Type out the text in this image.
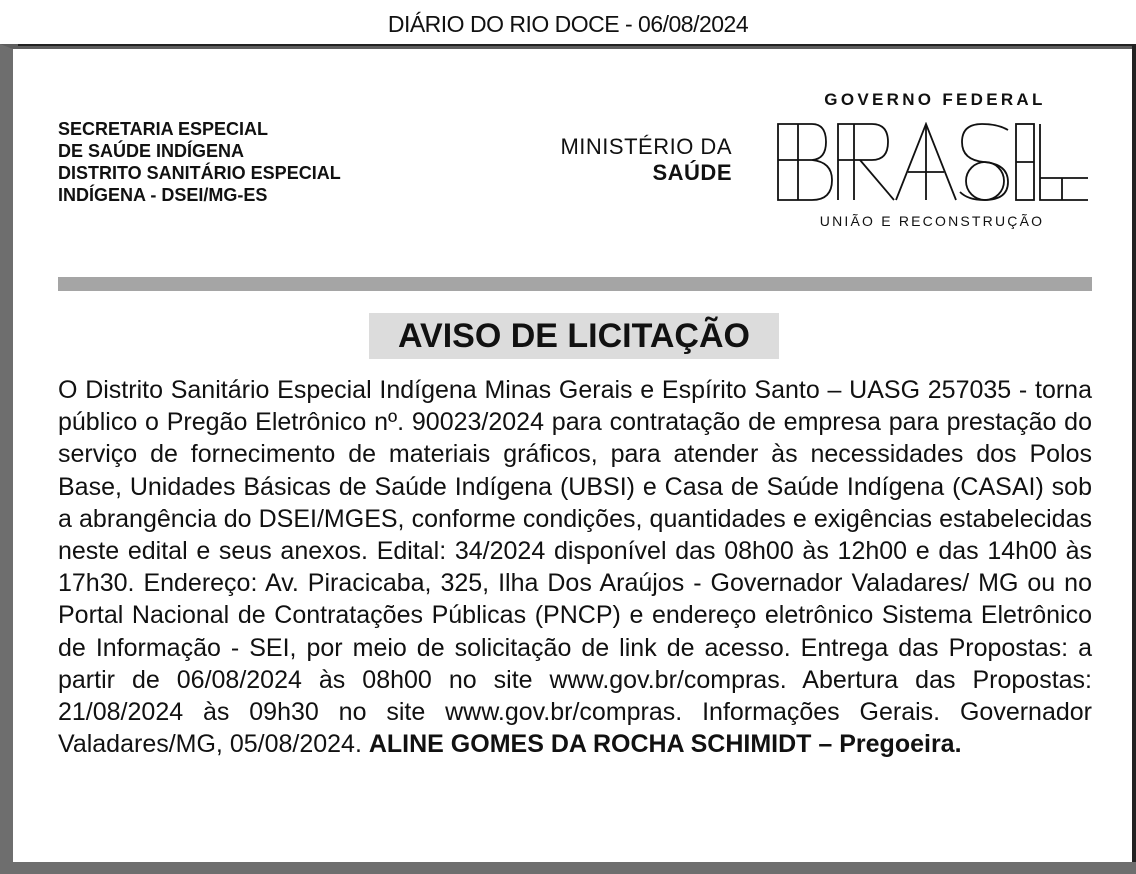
DIÁRIO DO RIO DOCE - 06/08/2024
SECRETARIA ESPECIAL
DE SAÚDE INDÍGENA
DISTRITO SANITÁRIO ESPECIAL
INDÍGENA - DSEI/MG-ES
MINISTÉRIO DA
SAÚDE
GOVERNO FEDERAL
UNIÃO E RECONSTRUÇÃO
AVISO DE LICITAÇÃO
O Distrito Sanitário Especial Indígena Minas Gerais e Espírito Santo – UASG 257035 - torna público o Pregão Eletrônico nº. 90023/2024 para contratação de empresa para prestação do serviço de fornecimento de materiais gráficos, para atender às necessidades dos Polos Base, Unidades Básicas de Saúde Indígena (UBSI) e Casa de Saúde Indígena (CASAI) sob a abrangência do DSEI/MGES, conforme condições, quantidades e exigências estabelecidas neste edital e seus anexos. Edital: 34/2024 disponível das 08h00 às 12h00 e das 14h00 às 17h30. Endereço: Av. Piracicaba, 325, Ilha Dos Araújos - Governador Valadares/ MG ou no Portal Nacional de Contratações Públicas (PNCP) e endereço eletrônico Sistema Eletrônico de Informação - SEI, por meio de solicitação de link de acesso. Entrega das Propostas: a partir de 06/08/2024 às 08h00 no site www.gov.br/compras. Abertura das Propostas: 21/08/2024 às 09h30 no site www.gov.br/compras. Informações Gerais. Governador Valadares/MG, 05/08/2024. ALINE GOMES DA ROCHA SCHIMIDT – Pregoeira.
